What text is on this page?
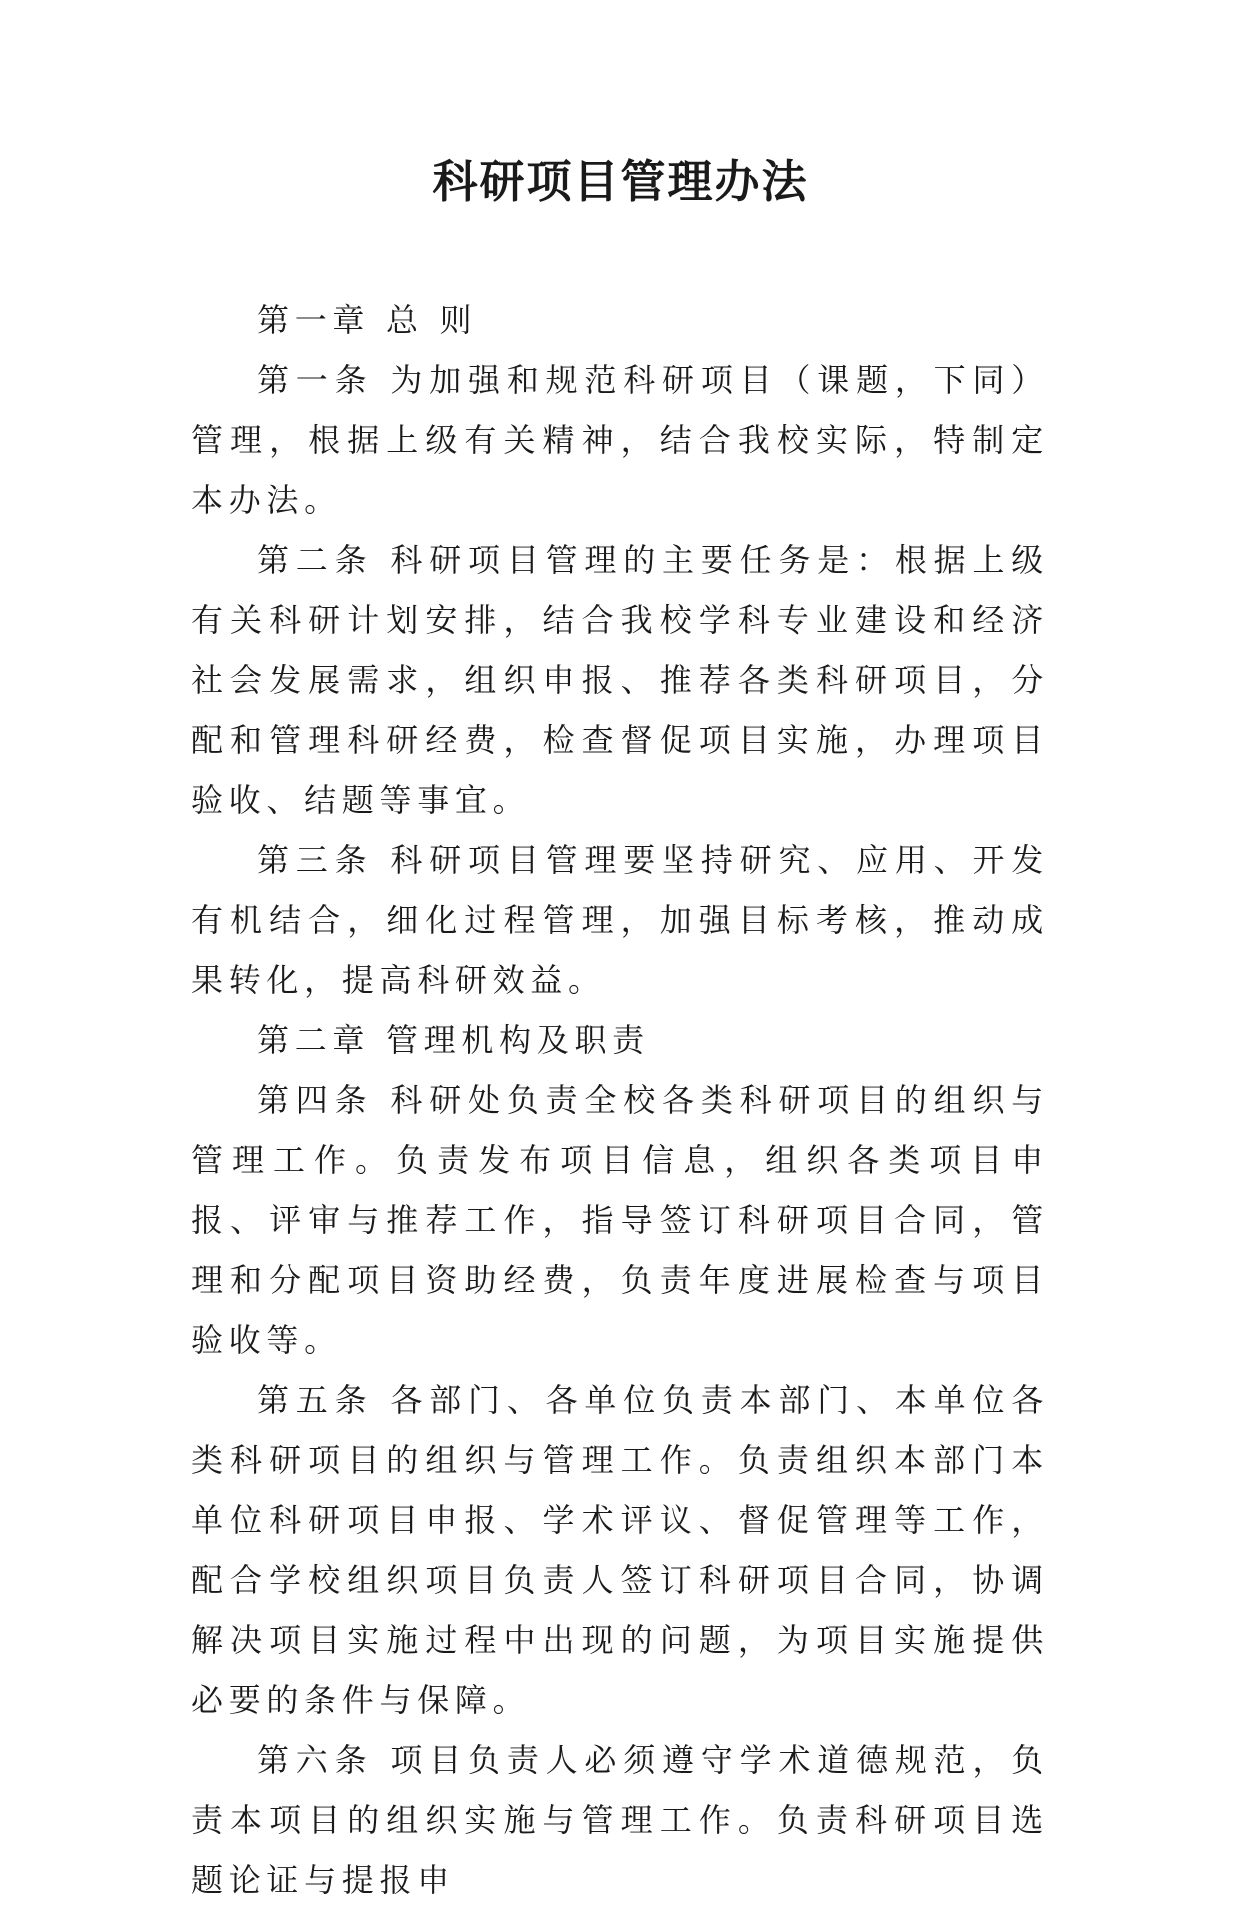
科研项目管理办法

第一章 总 则

第一条 为加强和规范科研项目（课题，下同）管理，根据上级有关精神，结合我校实际，特制定本办法。

第二条 科研项目管理的主要任务是：根据上级有关科研计划安排，结合我校学科专业建设和经济社会发展需求，组织申报、推荐各类科研项目，分配和管理科研经费，检查督促项目实施，办理项目验收、结题等事宜。

第三条 科研项目管理要坚持研究、应用、开发有机结合，细化过程管理，加强目标考核，推动成果转化，提高科研效益。

第二章 管理机构及职责

第四条 科研处负责全校各类科研项目的组织与管理工作。负责发布项目信息，组织各类项目申报、评审与推荐工作，指导签订科研项目合同，管理和分配项目资助经费，负责年度进展检查与项目验收等。

第五条 各部门、各单位负责本部门、本单位各类科研项目的组织与管理工作。负责组织本部门本单位科研项目申报、学术评议、督促管理等工作，配合学校组织项目负责人签订科研项目合同，协调解决项目实施过程中出现的问题，为项目实施提供必要的条件与保障。

第六条 项目负责人必须遵守学术道德规范，负责本项目的组织实施与管理工作。负责科研项目选题论证与提报申
